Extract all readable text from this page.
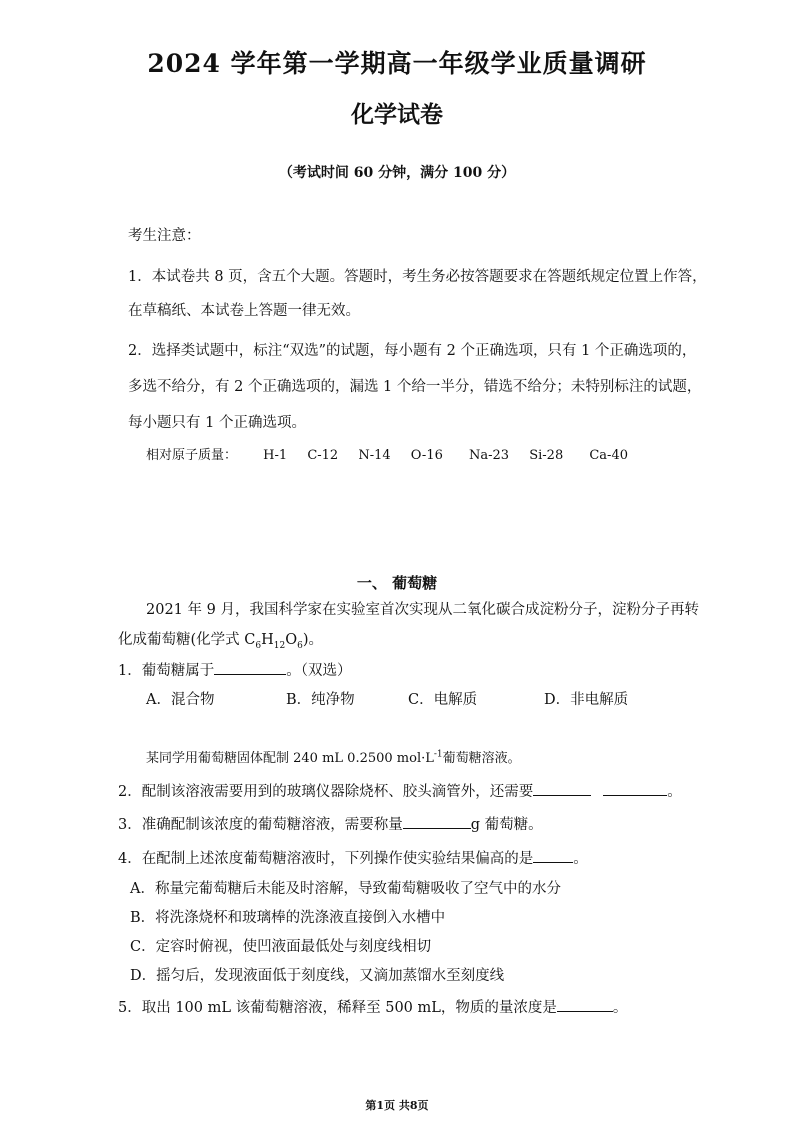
2024 学年第一学期高一年级学业质量调研
化学试卷
（考试时间 60 分钟，满分 100 分）
考生注意：
1．本试卷共 8 页，含五个大题。答题时，考生务必按答题要求在答题纸规定位置上作答，
在草稿纸、本试卷上答题一律无效。
2．选择类试题中，标注“双选”的试题，每小题有 2 个正确选项，只有 1 个正确选项的，
多选不给分，有 2 个正确选项的，漏选 1 个给一半分，错选不给分；未特别标注的试题，
每小题只有 1 个正确选项。
相对原子质量： H-1 C-12 N-14 O-16 Na-23 Si-28 Ca-40
一、 葡萄糖
2021 年 9 月，我国科学家在实验室首次实现从二氧化碳合成淀粉分子，淀粉分子再转
化成葡萄糖(化学式 $C_6H_{12}O_6$)。
1．葡萄糖属于	。（双选）
A．混合物	B．纯净物	C．电解质	D．非电解质
某同学用葡萄糖固体配制 240 mL 0.2500 $mol\cdot L^{-1}$葡萄糖溶液。
2．配制该溶液需要用到的玻璃仪器除烧杯、胶头滴管外，还需要	。
3．准确配制该浓度的葡萄糖溶液，需要称量	g 葡萄糖。
4．在配制上述浓度葡萄糖溶液时，下列操作使实验结果偏高的是	。
A．称量完葡萄糖后未能及时溶解，导致葡萄糖吸收了空气中的水分
B．将洗涤烧杯和玻璃棒的洗涤液直接倒入水槽中
C．定容时俯视，使凹液面最低处与刻度线相切
D．摇匀后，发现液面低于刻度线，又滴加蒸馏水至刻度线
5．取出 100 mL 该葡萄糖溶液，稀释至 500 mL，物质的量浓度是	。
第1页 共8页
